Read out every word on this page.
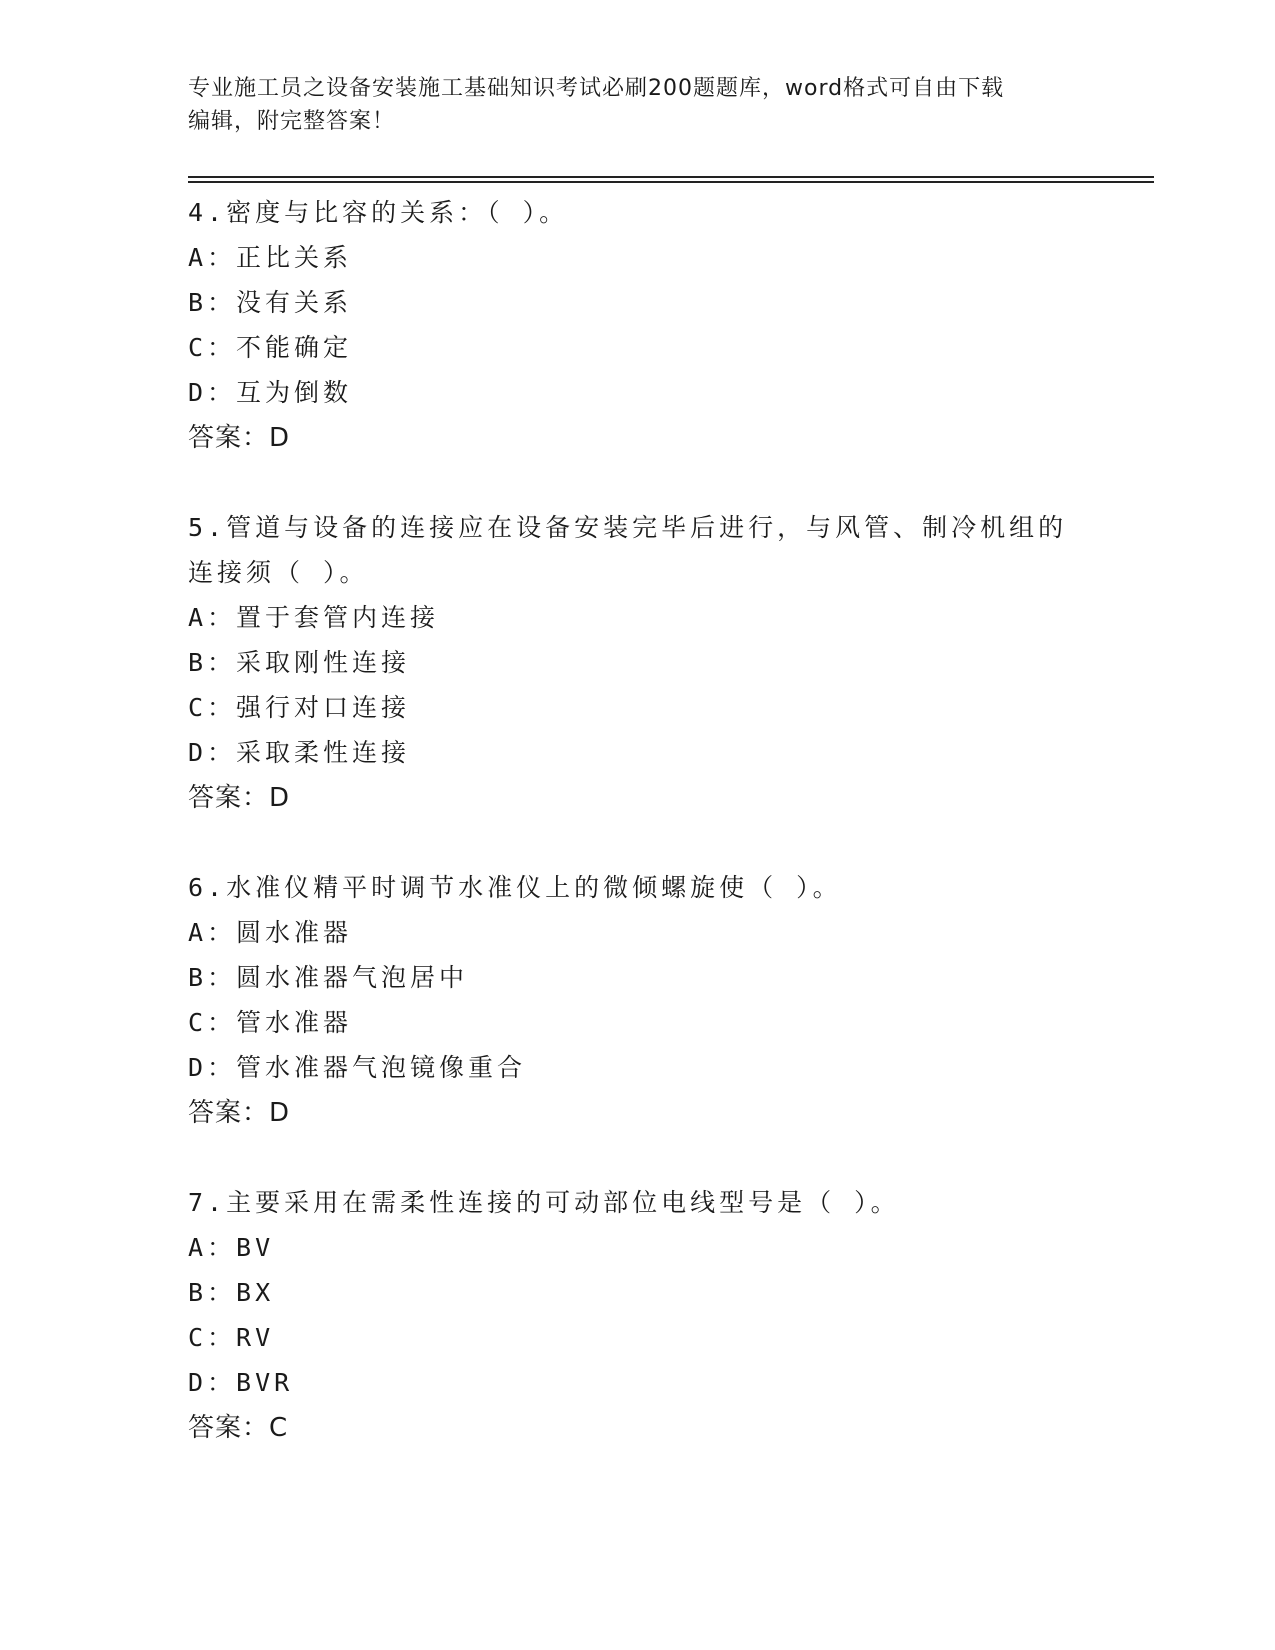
专业施工员之设备安装施工基础知识考试必刷200题题库，word格式可自由下载
编辑，附完整答案！

4.密度与比容的关系：（ ）。

A：正比关系

B：没有关系

C：不能确定

D：互为倒数

答案：D

5.管道与设备的连接应在设备安装完毕后进行，与风管、制冷机组的

连接须（ ）。

A：置于套管内连接

B：采取刚性连接

C：强行对口连接

D：采取柔性连接

答案：D

6.水准仪精平时调节水准仪上的微倾螺旋使（ ）。

A：圆水准器

B：圆水准器气泡居中

C：管水准器

D：管水准器气泡镜像重合

答案：D

7.主要采用在需柔性连接的可动部位电线型号是（ ）。

A：BV

B：BX

C：RV

D：BVR

答案：C
